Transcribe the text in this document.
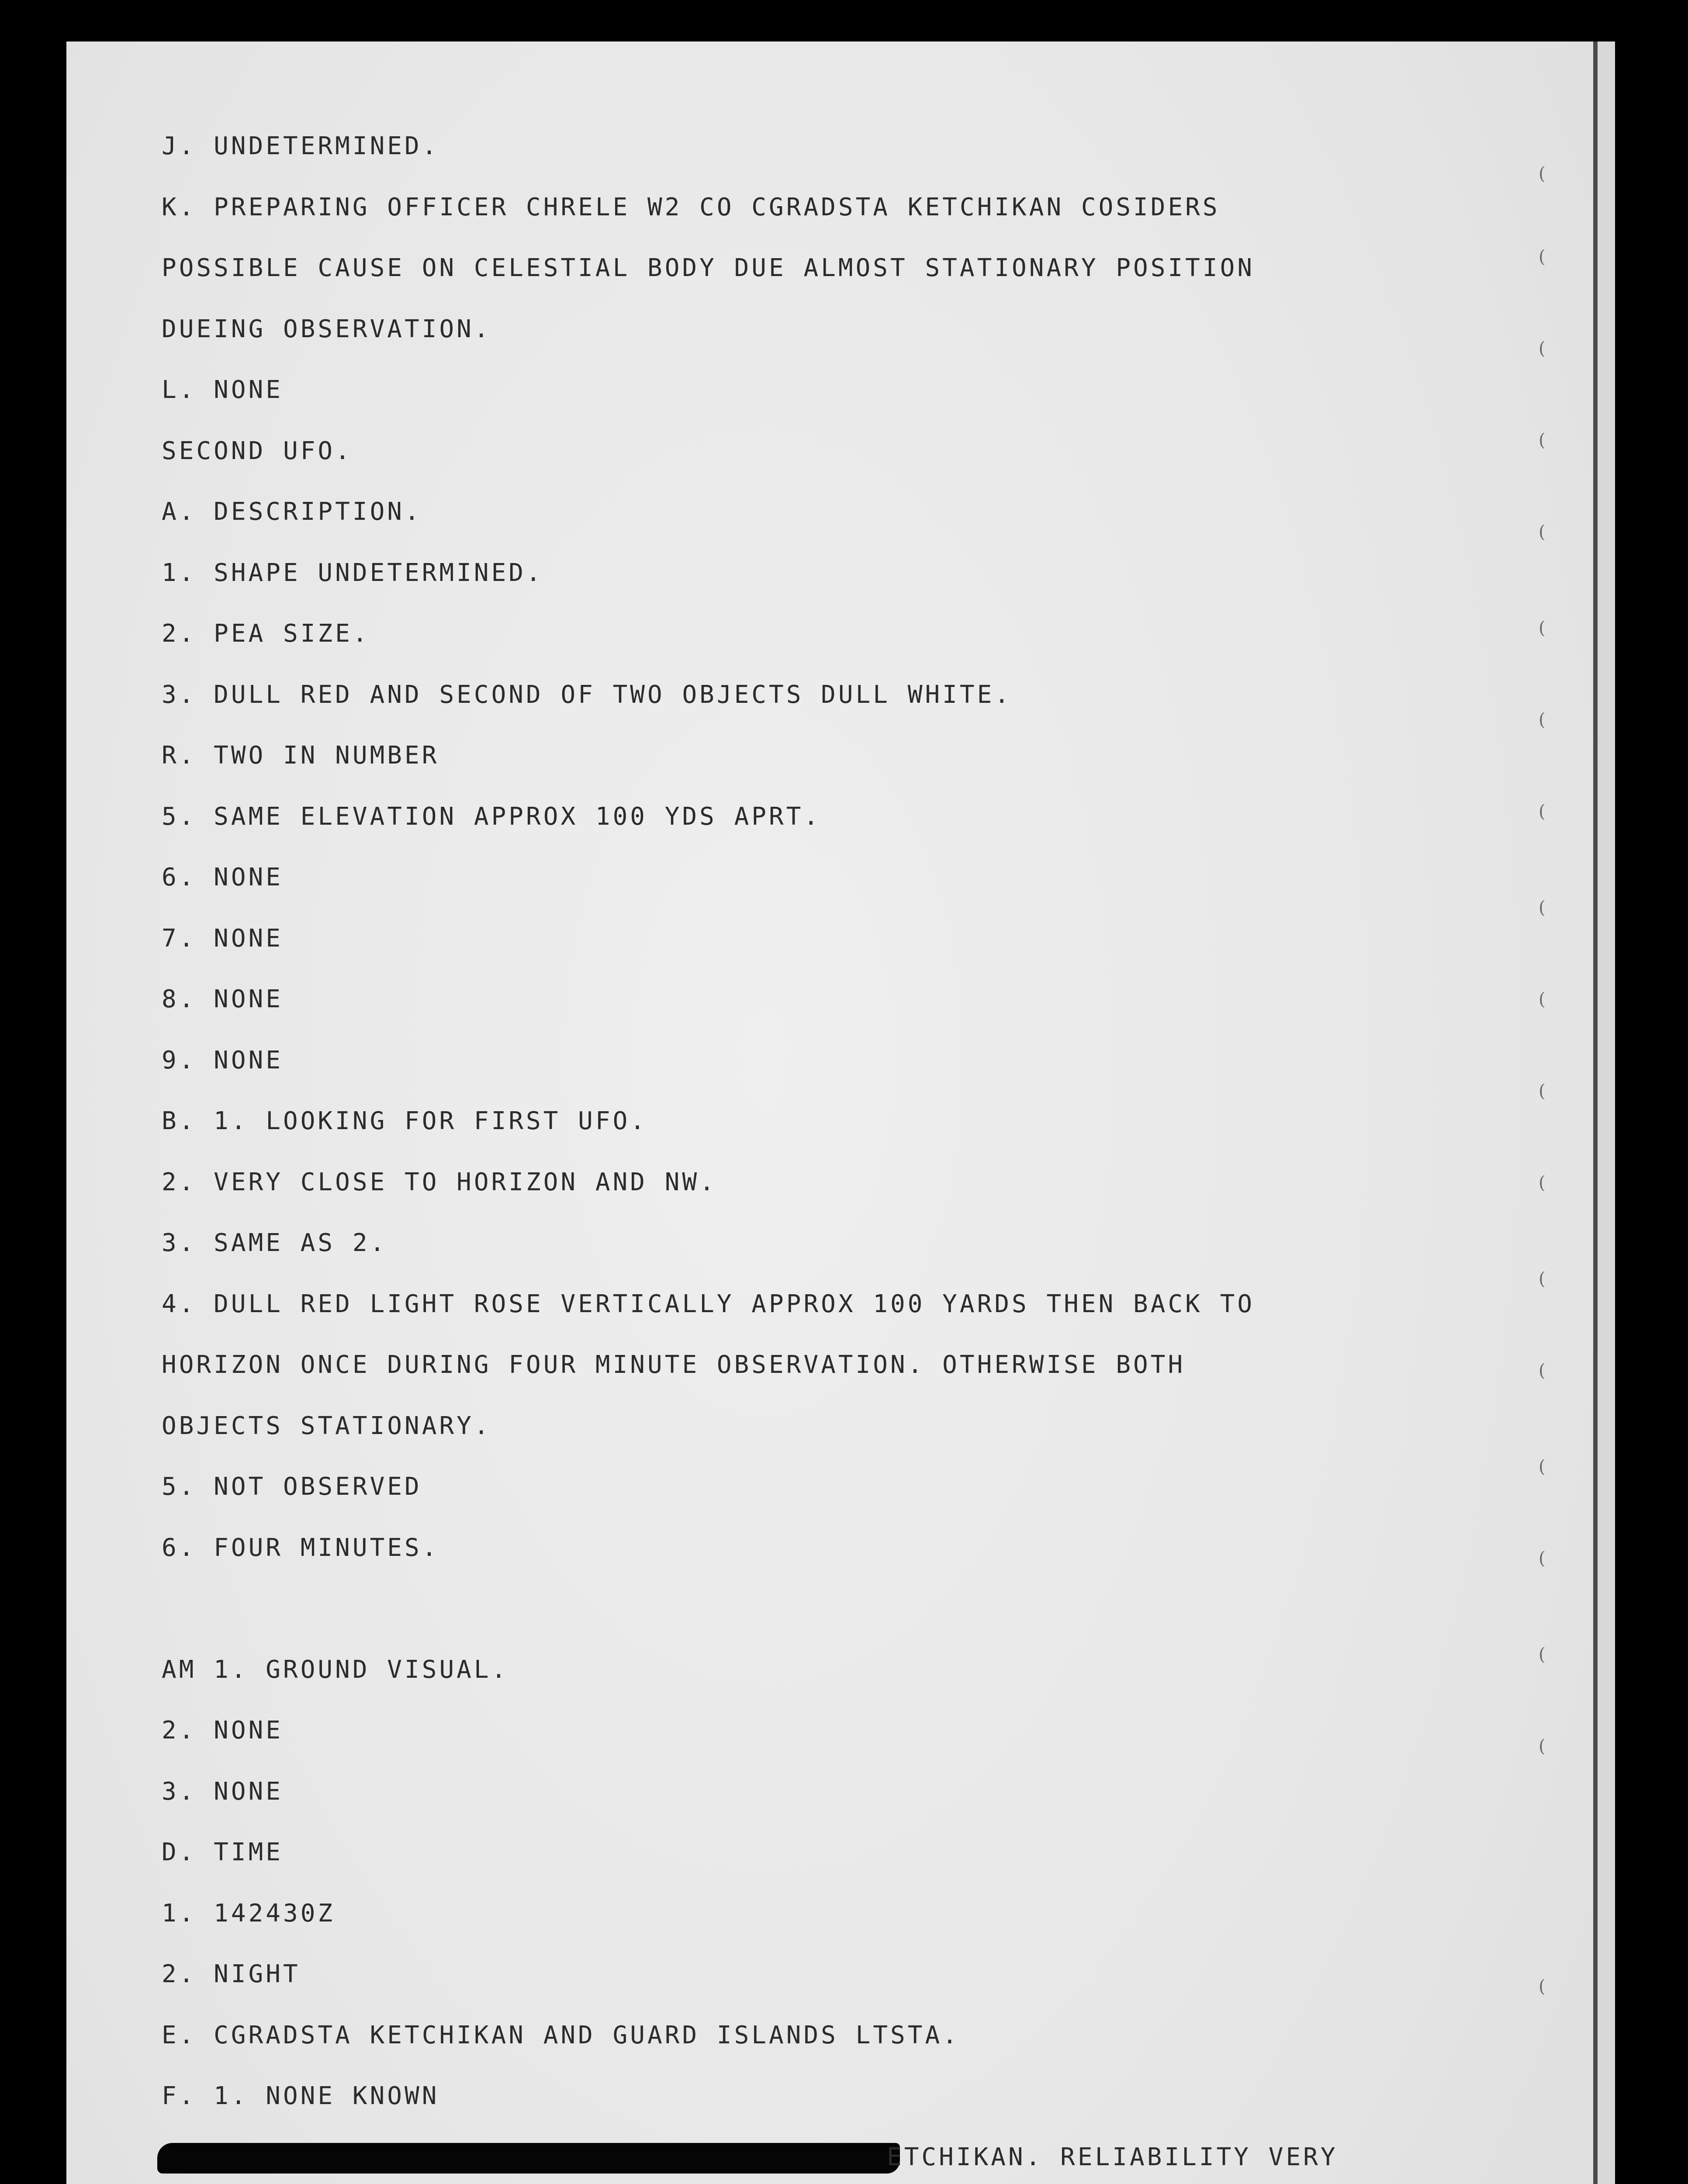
J. UNDETERMINED.
K. PREPARING OFFICER CHRELE W2 CO CGRADSTA KETCHIKAN COSIDERS
POSSIBLE CAUSE ON CELESTIAL BODY DUE ALMOST STATIONARY POSITION
DUEING OBSERVATION.
L. NONE
SECOND UFO.
A. DESCRIPTION.
1. SHAPE UNDETERMINED.
2. PEA SIZE.
3. DULL RED AND SECOND OF TWO OBJECTS DULL WHITE.
R. TWO IN NUMBER
5. SAME ELEVATION APPROX 100 YDS APRT.
6. NONE
7. NONE
8. NONE
9. NONE
B. 1. LOOKING FOR FIRST UFO.
2. VERY CLOSE TO HORIZON AND NW.
3. SAME AS 2.
4. DULL RED LIGHT ROSE VERTICALLY APPROX 100 YARDS THEN BACK TO
HORIZON ONCE DURING FOUR MINUTE OBSERVATION. OTHERWISE BOTH
OBJECTS STATIONARY.
5. NOT OBSERVED
6. FOUR MINUTES.
AM 1. GROUND VISUAL.
2. NONE
3. NONE
D. TIME
1. 142430Z
2. NIGHT
E. CGRADSTA KETCHIKAN AND GUARD ISLANDS LTSTA.
F. 1. NONE KNOWN
ETCHIKAN. RELIABILITY VERY
(
(
(
(
(
(
(
(
(
(
(
(
(
(
(
(
(
(
(
